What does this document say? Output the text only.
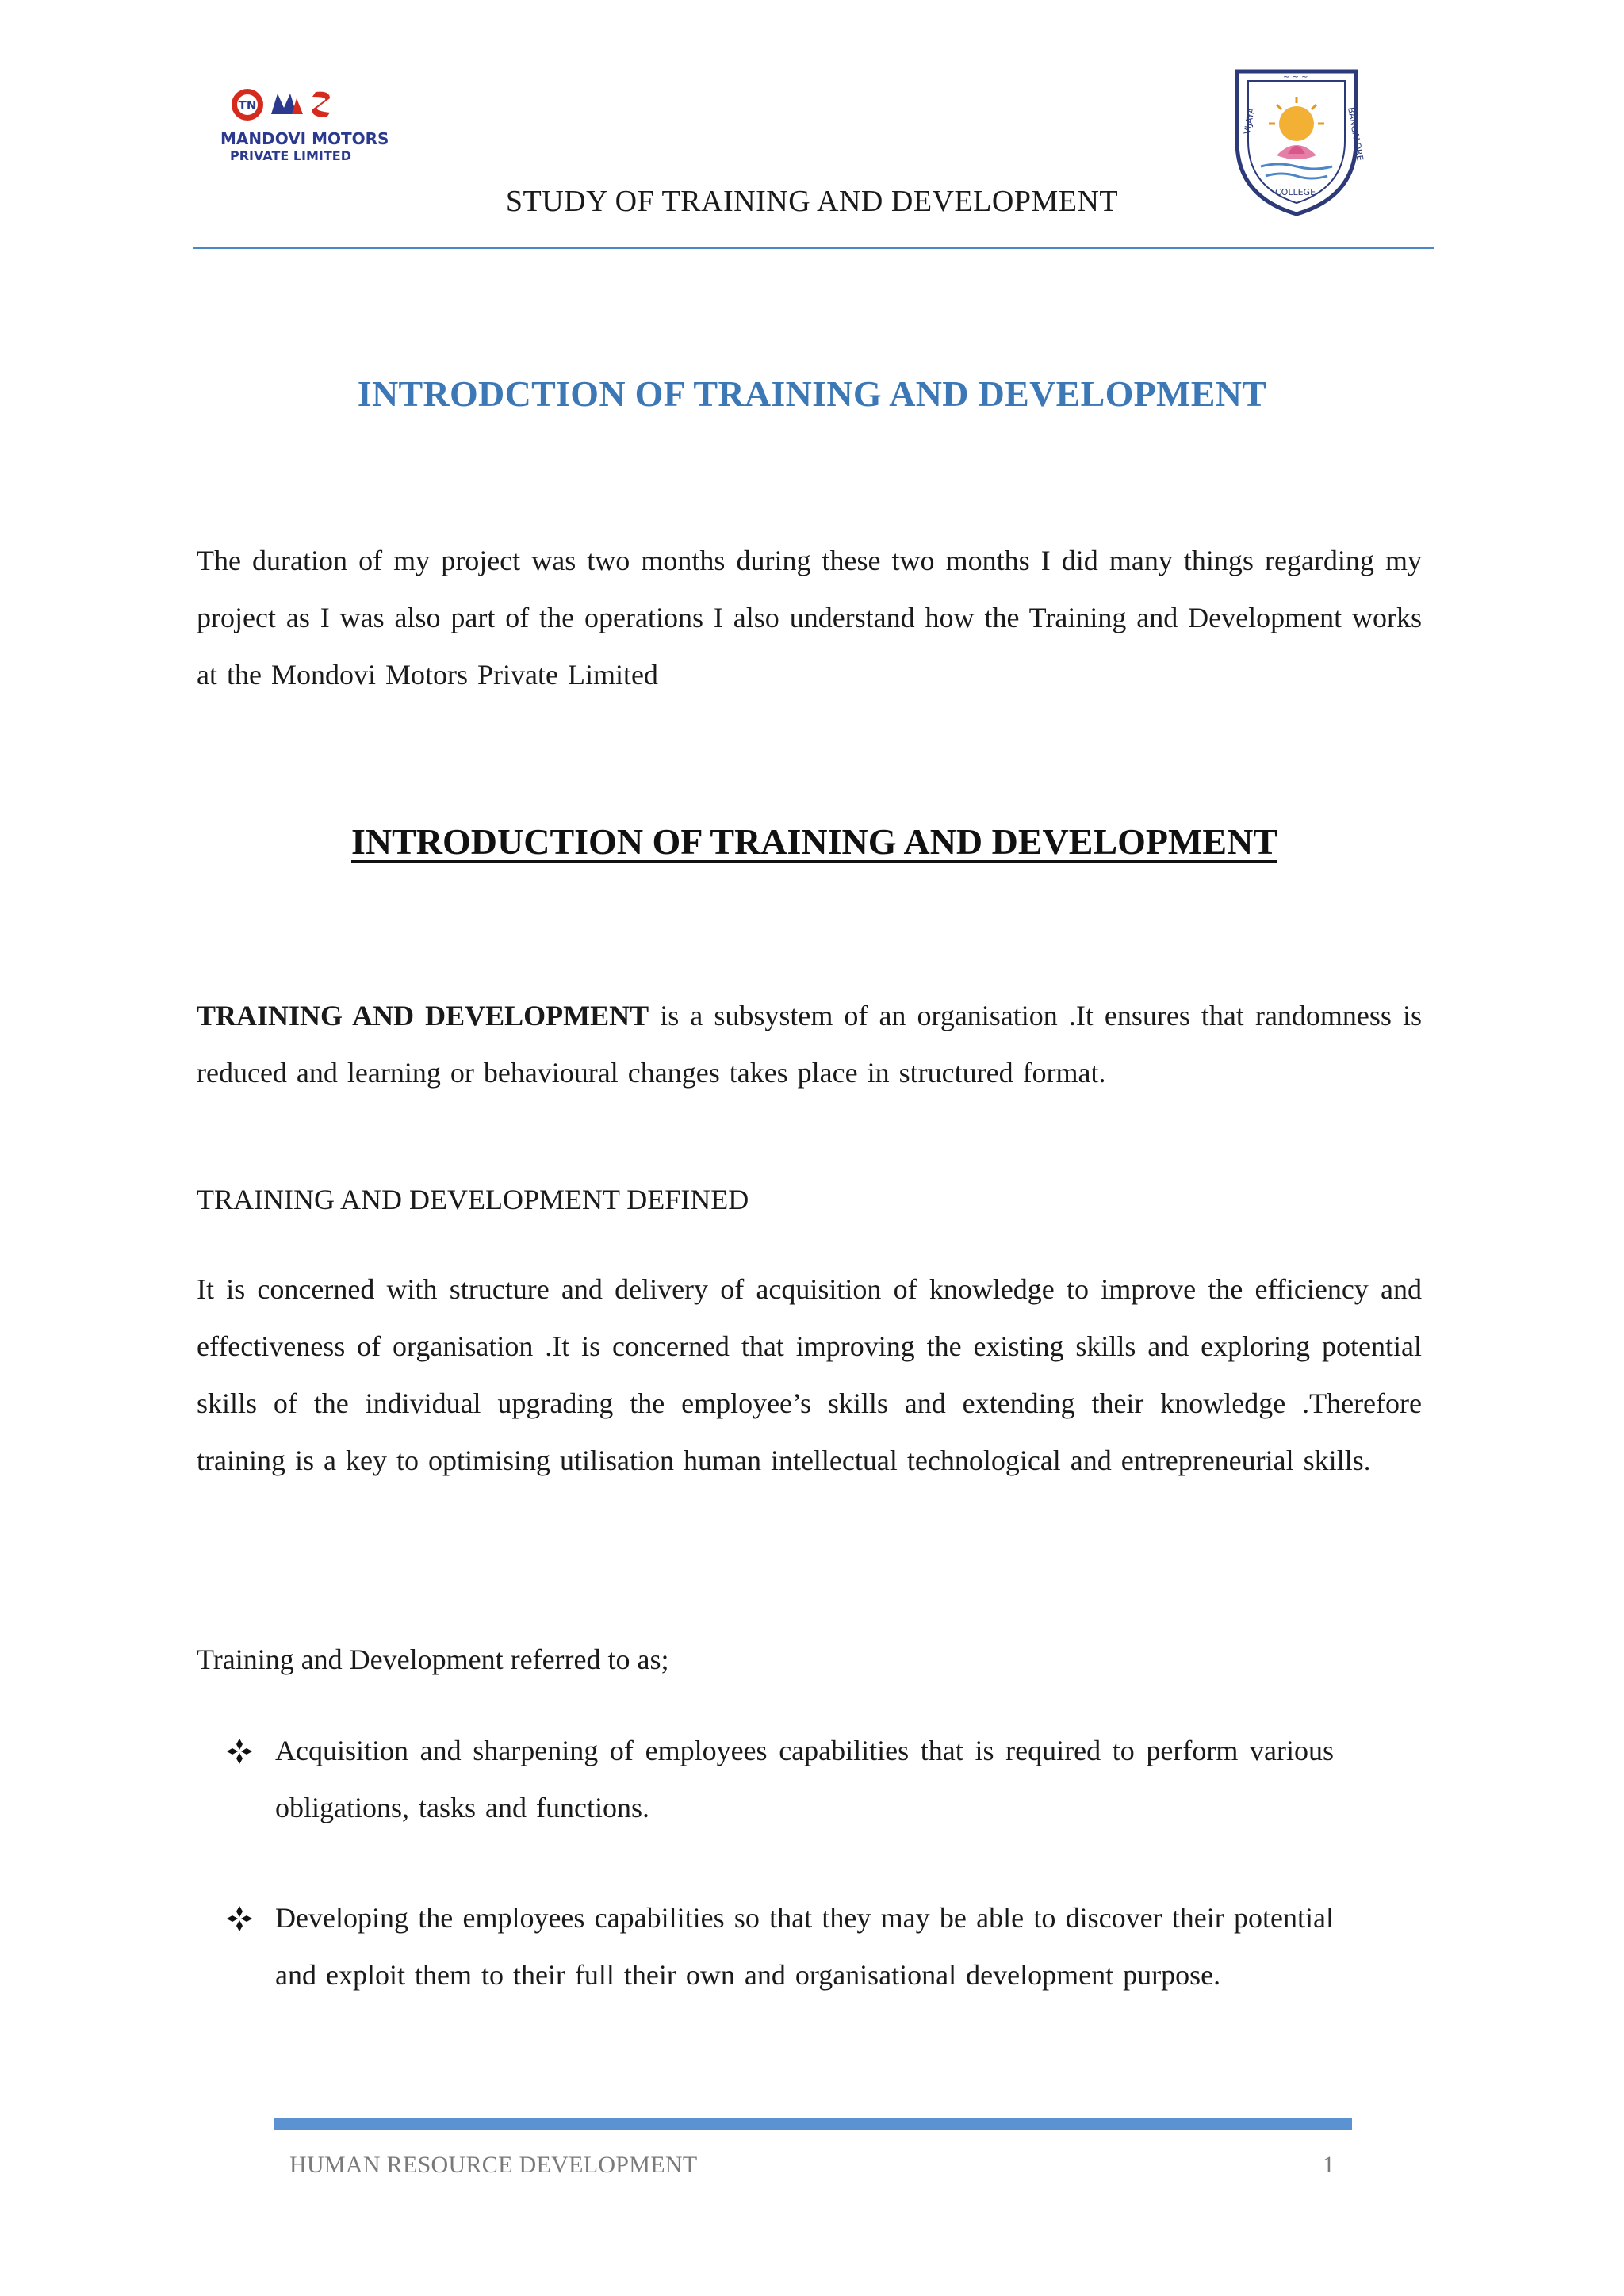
TN
MANDOVI MOTORS
PRIVATE LIMITED
VIJAYA	BANGALORE
COLLEGE
~ ~ ~
STUDY OF TRAINING AND DEVELOPMENT
INTRODCTION OF TRAINING AND DEVELOPMENT
The duration of my project was two months during these two months I did many things regarding my project as I was also part of the operations I also understand how the Training and Development works at the Mondovi Motors Private Limited
INTRODUCTION OF TRAINING AND DEVELOPMENT
TRAINING AND DEVELOPMENT is a subsystem of an organisation .It ensures that randomness is reduced and learning or behavioural changes takes place in structured format.
TRAINING AND DEVELOPMENT DEFINED
It is concerned with structure and delivery of acquisition of knowledge to improve the efficiency and effectiveness of organisation .It is concerned that improving the existing skills and exploring potential skills of the individual upgrading the employee’s skills and extending their knowledge .Therefore training is a key to optimising utilisation human intellectual technological and entrepreneurial skills.
Training and Development referred to as;
Acquisition and sharpening of employees capabilities that is required to perform various obligations, tasks and functions.
Developing the employees capabilities so that they may be able to discover their potential and exploit them to their full their own and organisational development purpose.
HUMAN RESOURCE DEVELOPMENT	1
